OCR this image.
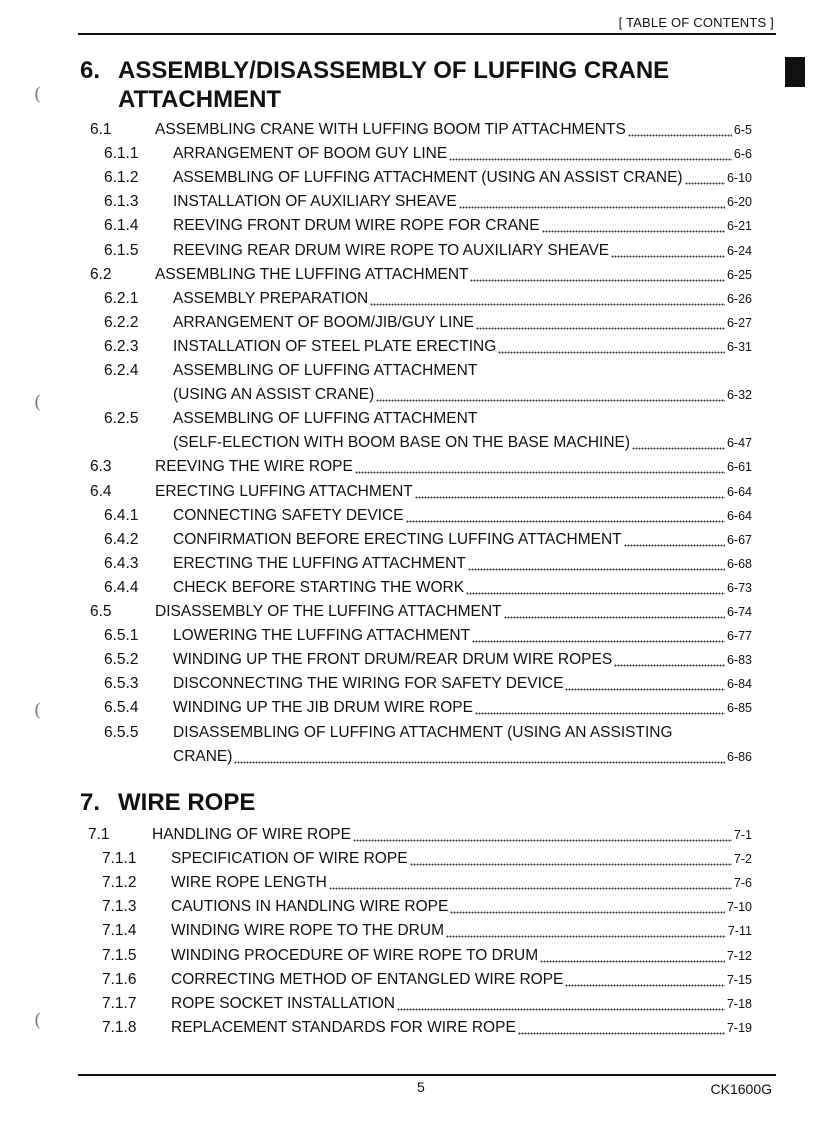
[ TABLE OF CONTENTS ]
(
(
(
(
6. ASSEMBLY/DISASSEMBLY OF LUFFING CRANE
ATTACHMENT
6.1	ASSEMBLING CRANE WITH LUFFING BOOM TIP ATTACHMENTS	6-5
6.1.1 ARRANGEMENT OF BOOM GUY LINE	6-6
6.1.2 ASSEMBLING OF LUFFING ATTACHMENT (USING AN ASSIST CRANE)	6-10
6.1.3 INSTALLATION OF AUXILIARY SHEAVE	6-20
6.1.4 REEVING FRONT DRUM WIRE ROPE FOR CRANE	6-21
6.1.5 REEVING REAR DRUM WIRE ROPE TO AUXILIARY SHEAVE	6-24
6.2	ASSEMBLING THE LUFFING ATTACHMENT	6-25
6.2.1 ASSEMBLY PREPARATION	6-26
6.2.2 ARRANGEMENT OF BOOM/JIB/GUY LINE	6-27
6.2.3 INSTALLATION OF STEEL PLATE ERECTING	6-31
6.2.4 ASSEMBLING OF LUFFING ATTACHMENT
(USING AN ASSIST CRANE)	6-32
6.2.5 ASSEMBLING OF LUFFING ATTACHMENT
(SELF-ELECTION WITH BOOM BASE ON THE BASE MACHINE)	6-47
6.3	REEVING THE WIRE ROPE	6-61
6.4	ERECTING LUFFING ATTACHMENT	6-64
6.4.1 CONNECTING SAFETY DEVICE	6-64
6.4.2 CONFIRMATION BEFORE ERECTING LUFFING ATTACHMENT	6-67
6.4.3 ERECTING THE LUFFING ATTACHMENT	6-68
6.4.4 CHECK BEFORE STARTING THE WORK	6-73
6.5	DISASSEMBLY OF THE LUFFING ATTACHMENT	6-74
6.5.1 LOWERING THE LUFFING ATTACHMENT	6-77
6.5.2 WINDING UP THE FRONT DRUM/REAR DRUM WIRE ROPES	6-83
6.5.3 DISCONNECTING THE WIRING FOR SAFETY DEVICE	6-84
6.5.4 WINDING UP THE JIB DRUM WIRE ROPE	6-85
6.5.5 DISASSEMBLING OF LUFFING ATTACHMENT (USING AN ASSISTING
CRANE)	6-86
7. WIRE ROPE
7.1	HANDLING OF WIRE ROPE	7-1
7.1.1 SPECIFICATION OF WIRE ROPE	7-2
7.1.2 WIRE ROPE LENGTH	7-6
7.1.3 CAUTIONS IN HANDLING WIRE ROPE	7-10
7.1.4 WINDING WIRE ROPE TO THE DRUM	7-11
7.1.5 WINDING PROCEDURE OF WIRE ROPE TO DRUM	7-12
7.1.6 CORRECTING METHOD OF ENTANGLED WIRE ROPE	7-15
7.1.7 ROPE SOCKET INSTALLATION	7-18
7.1.8 REPLACEMENT STANDARDS FOR WIRE ROPE	7-19
5	CK1600G
